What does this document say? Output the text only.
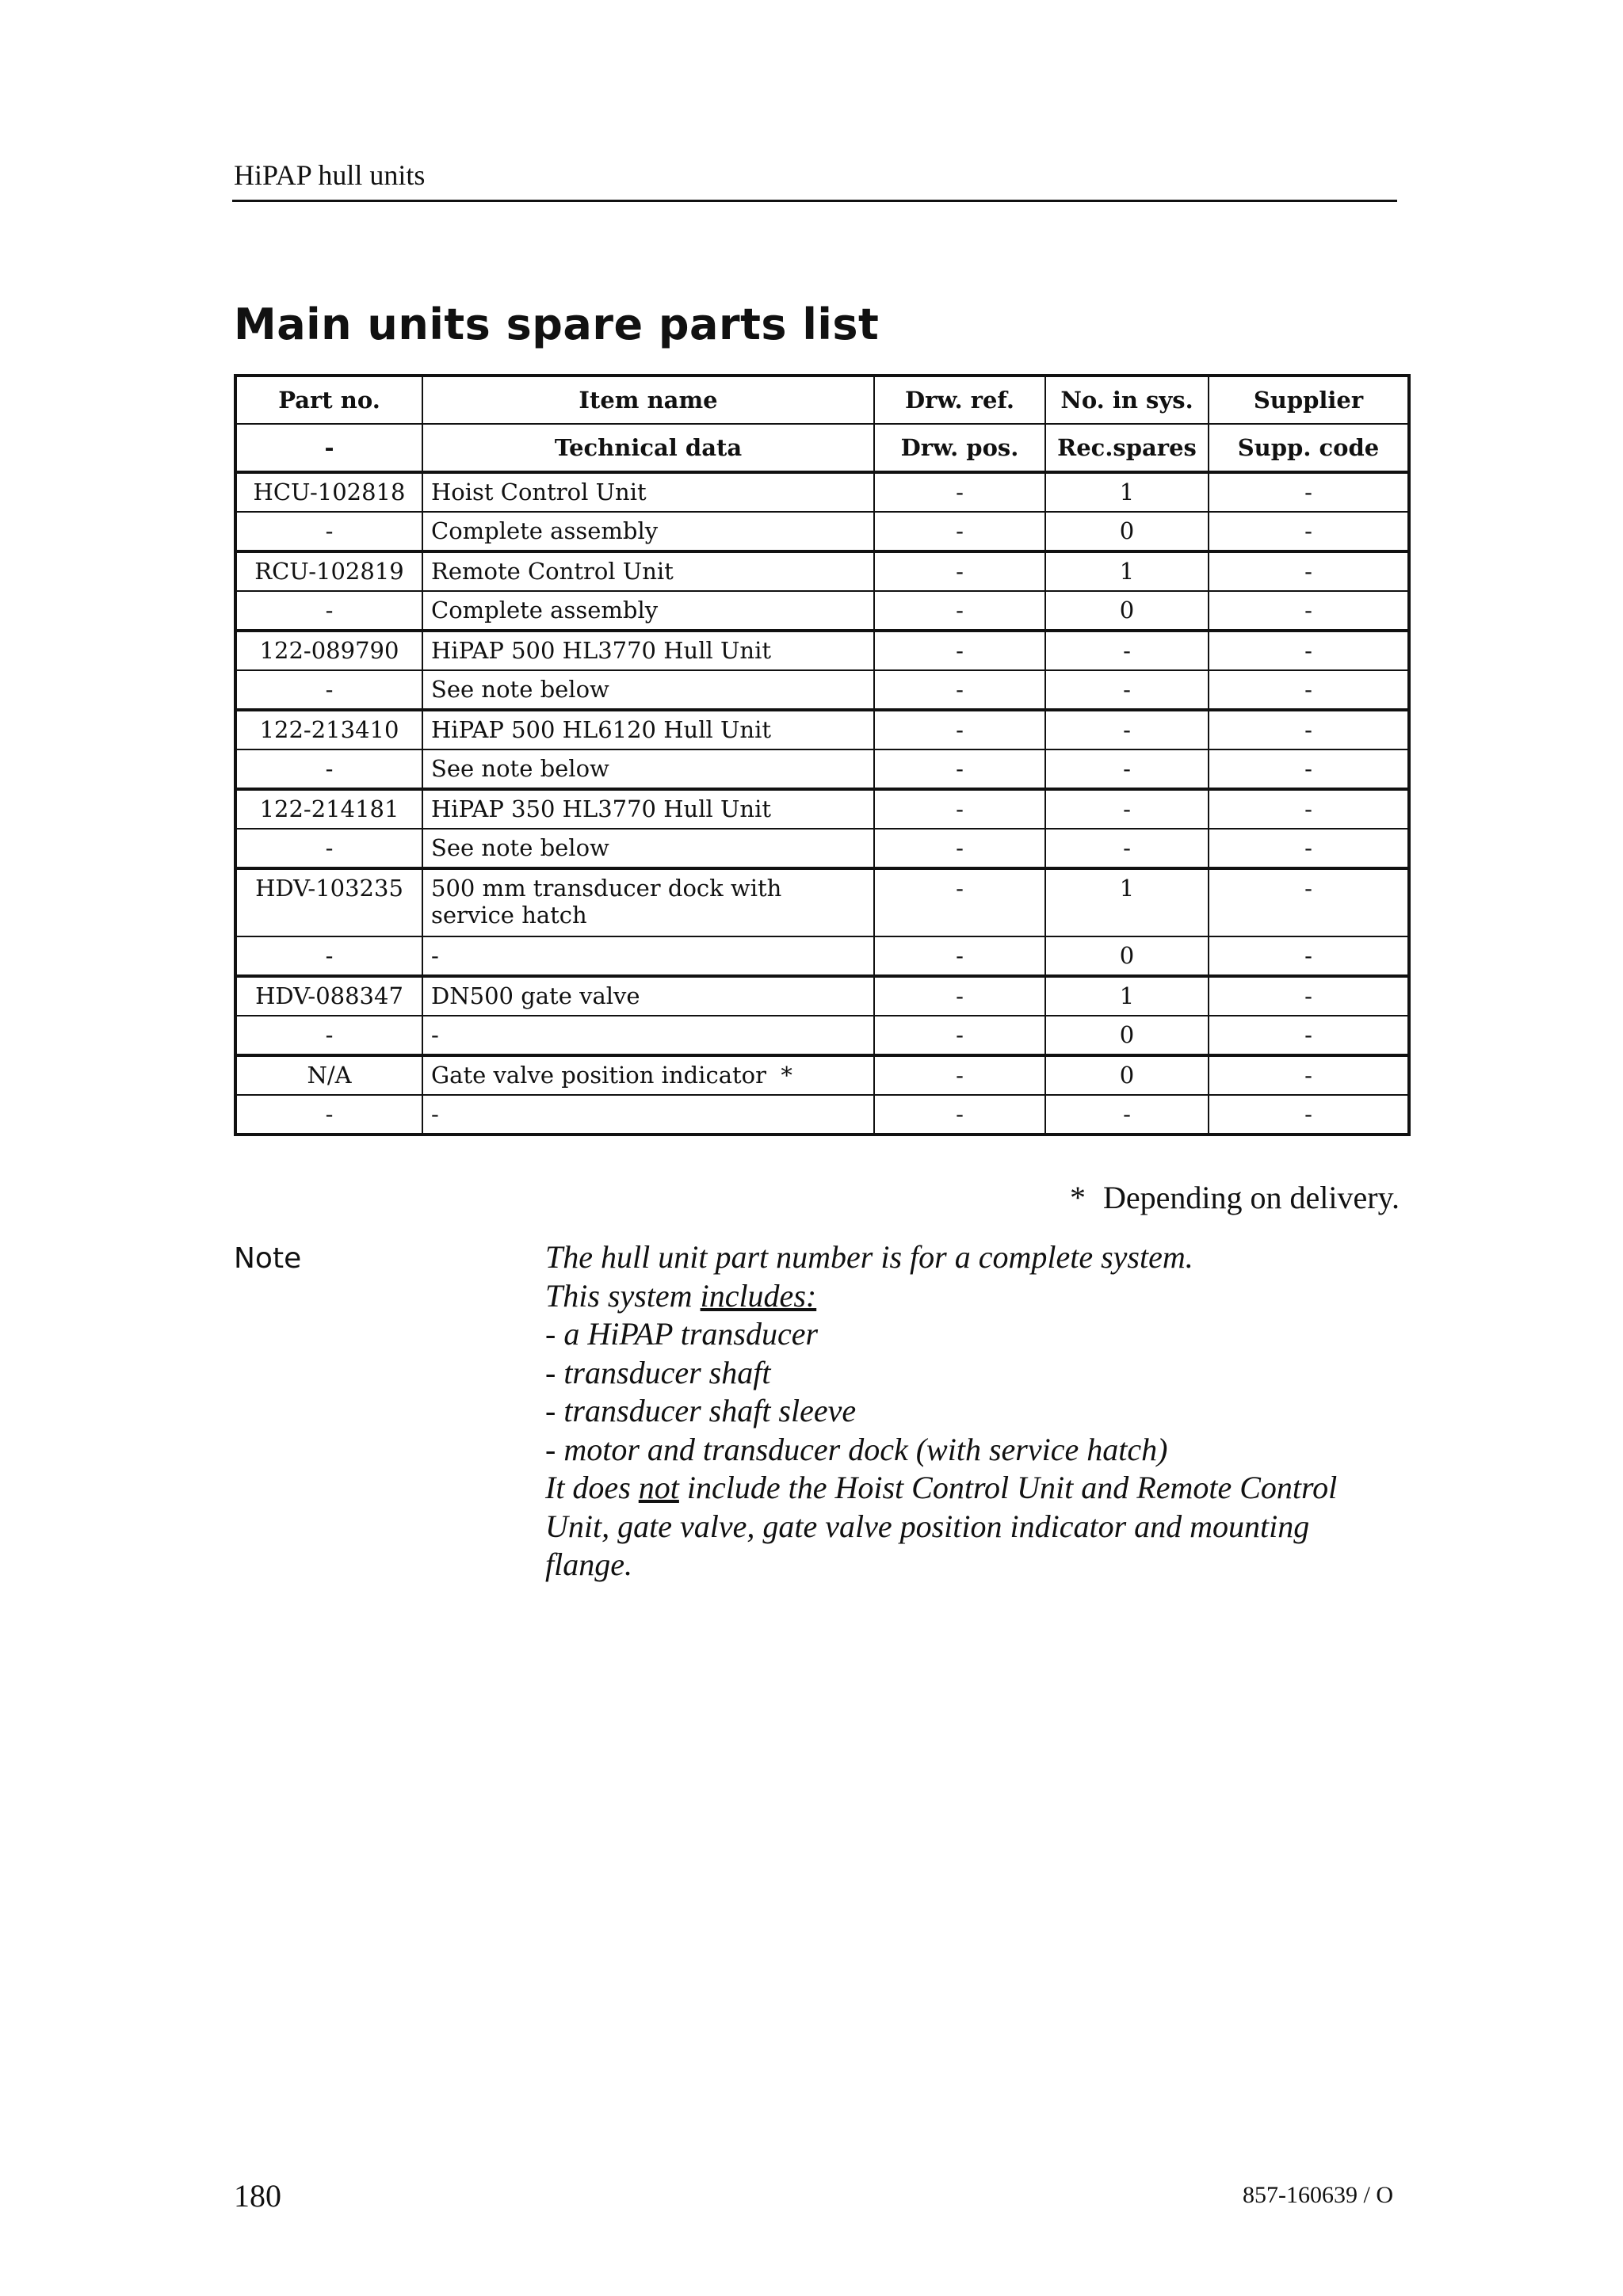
HiPAP hull units
Main units spare parts list
Part no.	Item name	Drw. ref.	No. in sys.	Supplier
-	Technical data	Drw. pos.	Rec.spares	Supp. code
HCU-102818	Hoist Control Unit	-	1	-
-	Complete assembly	-	0	-
RCU-102819	Remote Control Unit	-	1	-
-	Complete assembly	-	0	-
122-089790	HiPAP 500 HL3770 Hull Unit	-	-	-
-	See note below	-	-	-
122-213410	HiPAP 500 HL6120 Hull Unit	-	-	-
-	See note below	-	-	-
122-214181	HiPAP 350 HL3770 Hull Unit	-	-	-
-	See note below	-	-	-
HDV-103235	500 mm transducer dock with service hatch	-	1	-
-	-	-	0	-
HDV-088347	DN500 gate valve	-	1	-
-	-	-	0	-
N/A	Gate valve position indicator  *	-	0	-
-	-	-	-	-
* Depending on delivery.
Note	The hull unit part number is for a complete system.
This system includes:
- a HiPAP transducer
- transducer shaft
- transducer shaft sleeve
- motor and transducer dock (with service hatch)
It does not include the Hoist Control Unit and Remote Control
Unit, gate valve, gate valve position indicator and mounting
flange.
180	857-160639 / O
